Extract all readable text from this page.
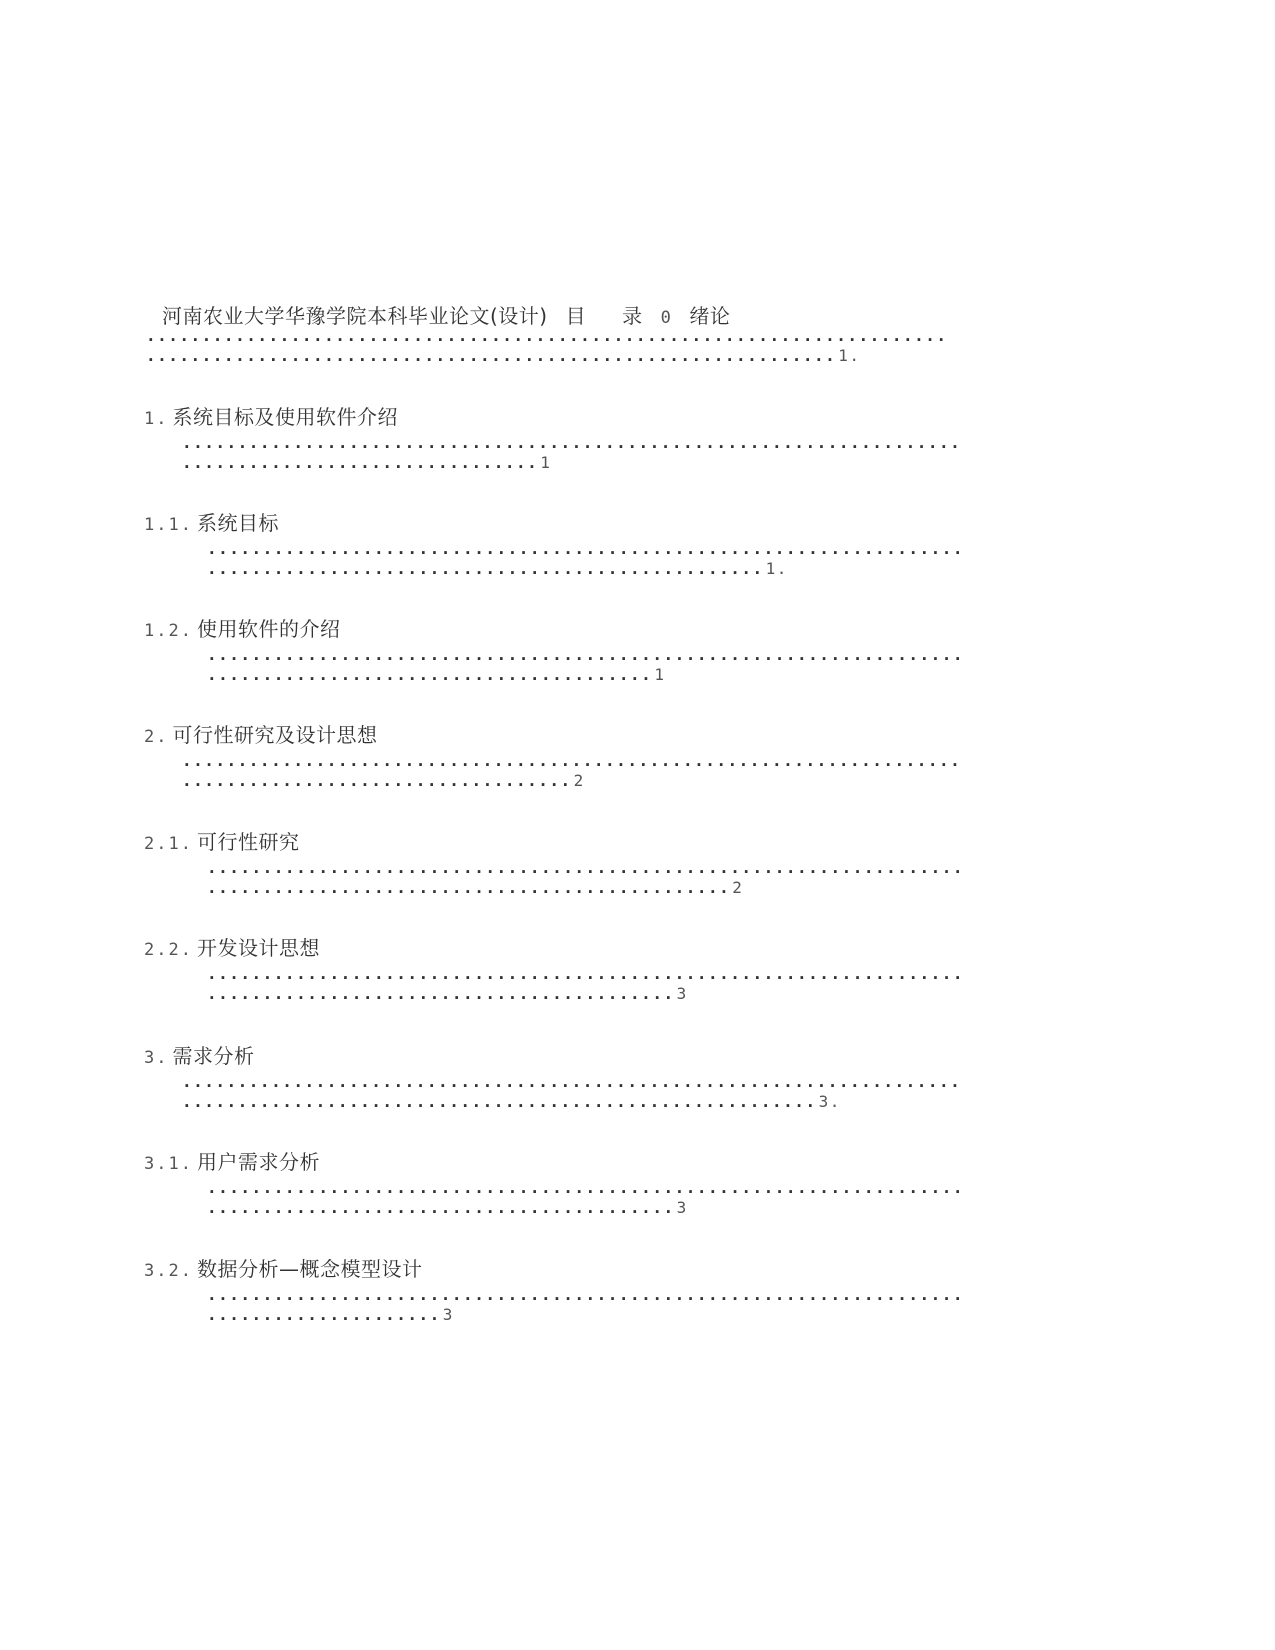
河南农业大学华豫学院本科毕业论文(设计) 目 录 0 绪论
........................................................................
.............................................................. 1.
1. 系统目标及使用软件介绍
......................................................................
................................ 1
1.1. 系统目标
....................................................................
.................................................. 1.
1.2. 使用软件的介绍
....................................................................
........................................ 1
2. 可行性研究及设计思想
......................................................................
................................... 2
2.1. 可行性研究
....................................................................
............................................... 2
2.2. 开发设计思想
....................................................................
.......................................... 3
3. 需求分析
......................................................................
......................................................... 3.
3.1. 用户需求分析
....................................................................
.......................................... 3
3.2. 数据分析—概念模型设计
....................................................................
..................... 3
